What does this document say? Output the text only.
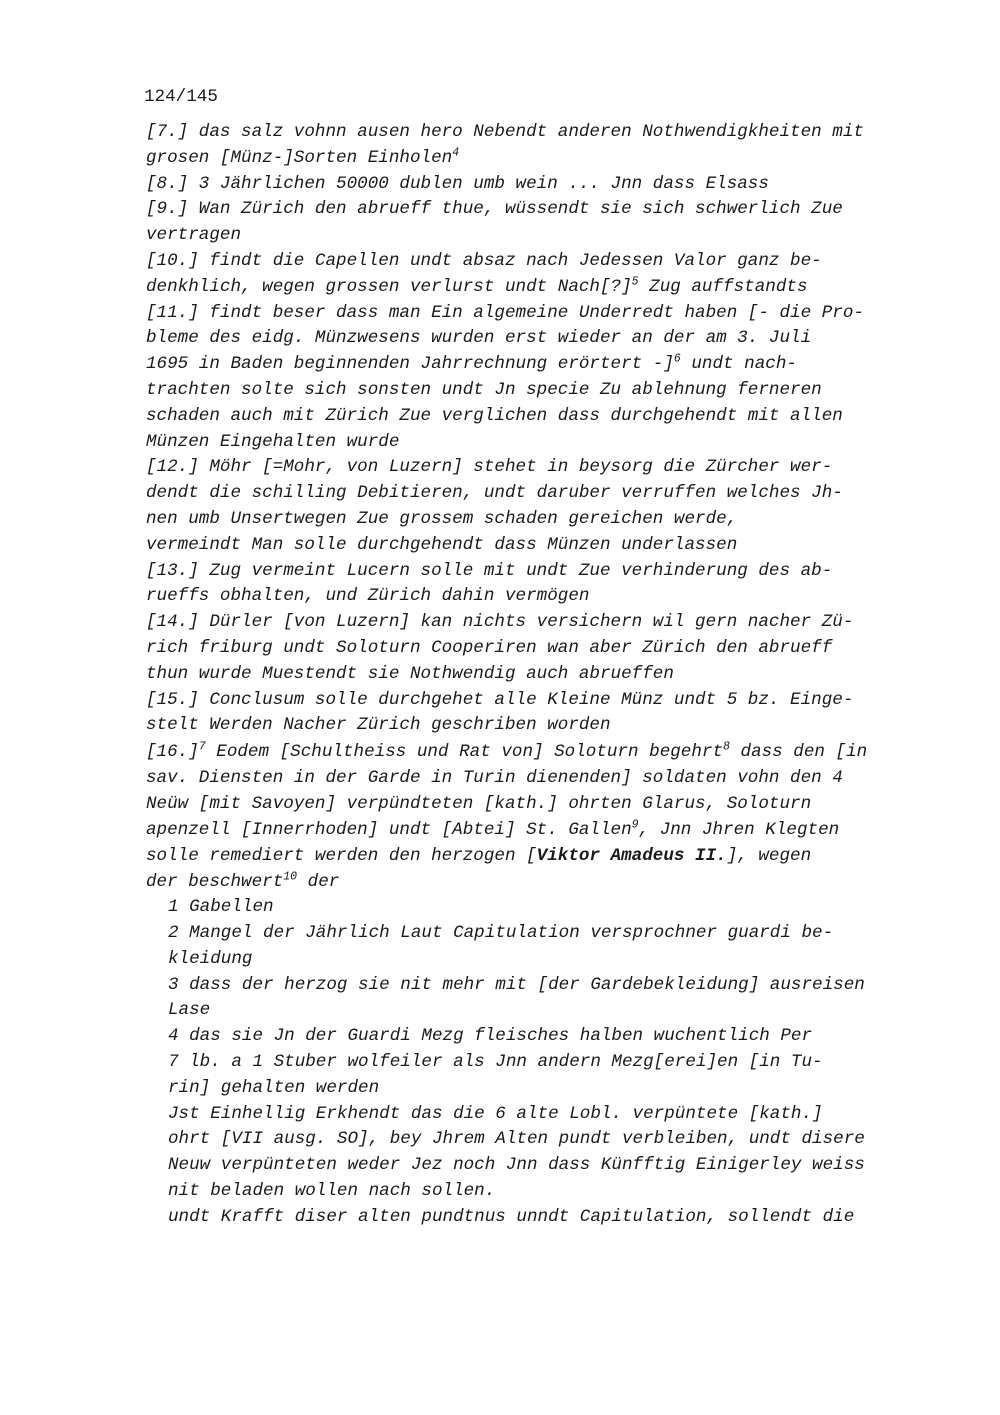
124/145
[7.] das salz vohnn ausen hero Nebendt anderen Nothwendigkheiten mit
grosen [Münz-]Sorten Einholen$^4$
[8.] 3 Jährlichen 50000 dublen umb wein ... Jnn dass Elsass
[9.] Wan Zürich den abrueff thue, wüssendt sie sich schwerlich Zue
vertragen
[10.] findt die Capellen undt absaz nach Jedessen Valor ganz be-
denkhlich, wegen grossen verlurst undt Nach[?]$^5$ Zug auffstandts
[11.] findt beser dass man Ein algemeine Underredt haben [- die Pro-
bleme des eidg. Münzwesens wurden erst wieder an der am 3. Juli
1695 in Baden beginnenden Jahrrechnung erörtert -]$^6$ undt nach-
trachten solte sich sonsten undt Jn specie Zu ablehnung ferneren
schaden auch mit Zürich Zue verglichen dass durchgehendt mit allen
Münzen Eingehalten wurde
[12.] Möhr [=Mohr, von Luzern] stehet in beysorg die Zürcher wer-
dendt die schilling Debitieren, undt daruber verruffen welches Jh-
nen umb Unsertwegen Zue grossem schaden gereichen werde,
vermeindt Man solle durchgehendt dass Münzen underlassen
[13.] Zug vermeint Lucern solle mit undt Zue verhinderung des ab-
rueffs obhalten, und Zürich dahin vermögen
[14.] Dürler [von Luzern] kan nichts versichern wil gern nacher Zü-
rich friburg undt Soloturn Cooperiren wan aber Zürich den abrueff
thun wurde Muestendt sie Nothwendig auch abrueffen
[15.] Conclusum solle durchgehet alle Kleine Münz undt 5 bz. Einge-
stelt Werden Nacher Zürich geschriben worden
$[16.]^7$ Eodem [Schultheiss und Rat von] Soloturn begehrt$^8$ dass den [in
sav. Diensten in der Garde in Turin dienenden] soldaten vohn den 4
Neüw [mit Savoyen] verpündteten [kath.] ohrten Glarus, Soloturn
apenzell [Innerrhoden] undt [Abtei] St. Gallen$^9$, Jnn Jhren Klegten
solle remediert werden den herzogen [Viktor Amadeus II.], wegen
der beschwert$^{10}$ der
1 Gabellen
2 Mangel der Jährlich Laut Capitulation versprochner guardi be-
kleidung
3 dass der herzog sie nit mehr mit [der Gardebekleidung] ausreisen
Lase
4 das sie Jn der Guardi Mezg fleisches halben wuchentlich Per
7 lb. a 1 Stuber wolfeiler als Jnn andern Mezg[erei]en [in Tu-
rin] gehalten werden
Jst Einhellig Erkhendt das die 6 alte Lobl. verpüntete [kath.]
ohrt [VII ausg. SO], bey Jhrem Alten pundt verbleiben, undt disere
Neuw verpünteten weder Jez noch Jnn dass Künfftig Einigerley weiss
nit beladen wollen nach sollen.
undt Krafft diser alten pundtnus unndt Capitulation, sollendt die
